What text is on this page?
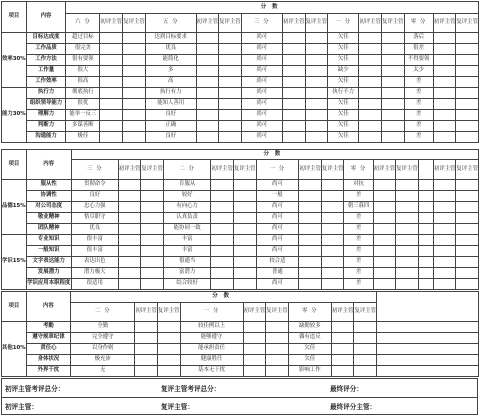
项目	内容	分数														
		六 分	初评主管	复评主管	五 分	初评主管	复评主管	三 分	初评主管	复评主管	一 分	初评主管	复评主管	零 分	初评主管	复评主管
效率30%	目标达成度	超过目标			达到目标要求			尚可			欠佳			落后		
	工作品质	很完美			优良			尚可			欠佳			很差		
	工作方法	很有要领			能简化			尚可			欠佳			不得要领		
	工作量	很大			多			尚可			缺少			太少		
	工作效率	很高			高			尚可			欠佳			差		
能力30%	执行力	彻底执行			执行有力			尚可			执行不力			差		
	组织领导能力	很优			能知人善用			尚可			欠佳			差		
	理解力	能举一反三			良好			尚可			欠佳			差		
	判断力	多谋善断			正确			尚可			欠佳			差		
	沟通能力	极佳			良好			尚可			欠佳			差		
项目	内容	分数														
		三 分	初评主管	复评主管	二 分	初评主管	复评主管	一 分	初评主管	复评主管	零 分	初评主管	复评主管		初评主管	复评主管
品德15%	服从性	贯彻命令			肯服从			尚可			对抗					
	协调性	良好			较好			一般			差					
	对公司态度	忠心力强			有向心力			尚可			朝三暮四					
	敬业精神	恪尽职守			认真负责			尚可			差					
	团队精神	优良			能协同一致			尚可			差					
学识15%	专业知识	很丰富			丰富			尚可			差					
	一般知识	很丰富			丰富			尚可			差					
	文字表达能力	表达出色			很通当			较合适			差					
	发展潜力	潜力极大			富潜力			普通			差					
	学识应用本职程度	很适用			结合较好			尚可			差					
项目	内容	分数									
		二 分	初评主管	复评主管	一 分	初评主管	复评主管	零 分	初评主管	复评主管	
其他10%	考勤	全勤			较佳例以上			缺勤较多			
	遵守规章纪律	完全遵守			能够遵守			偶有违反			
	责任心	以身作则			能承担责任			欠佳			
	身体状况	极充沛			健康胜任			欠佳			
	外界干扰	无			基本无干扰			影响工作			
初评主管考评总分：	复评主管考评总分：	最终评分：
初评主管：	复评主管：	最终评分主管：
